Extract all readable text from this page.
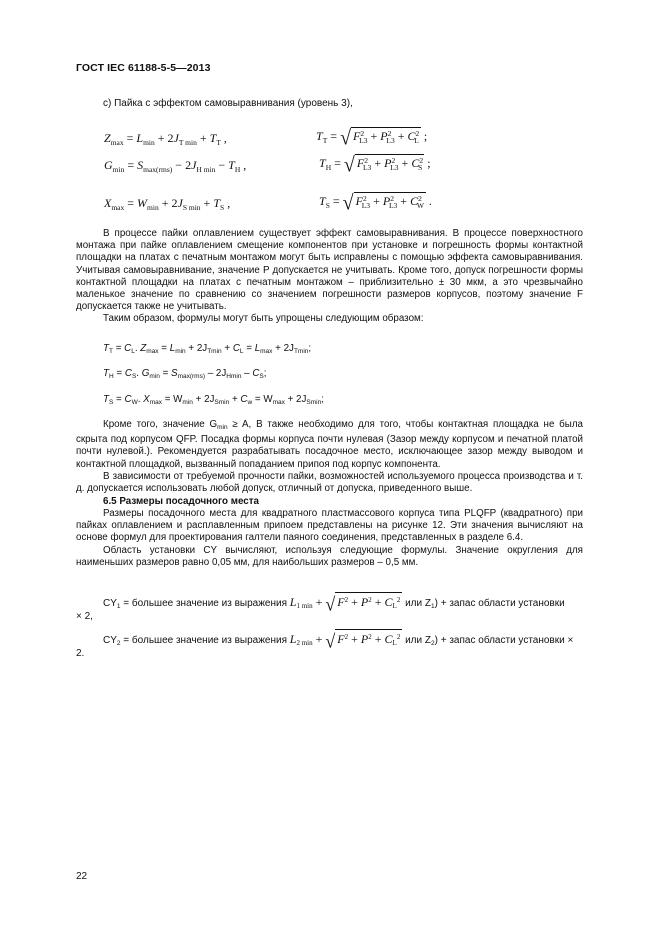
ГОСТ IEC 61188-5-5—2013
с) Пайка с эффектом самовыравнивания (уровень 3),
$Z_{max} = L_{min} + 2J_{T min} + T_T$ ,	$T_T$ = √ $F^2_{L3} + P^2_{L3} + C^2_L$ ;
$G_{min} = S_{max(rms)} - 2J_{H min} - T_H$ ,	$T_H$ = √ $F^2_{L3} + P^2_{L3} + C^2_S$ ;
$X_{max} = W_{min} + 2J_{S min} + T_S$ ,	$T_S$ = √ $F^2_{L3} + P^2_{L3} + C^2_W$ .

В процессе пайки оплавлением существует эффект самовыравнивания. В процессе поверхностного монтажа при пайке оплавлением смещение компонентов при установке и погрешность формы контактной площадки на платах с печатным монтажом могут быть исправлены с помощью эффекта самовыравнивания. Учитывая самовыравнивание, значение P допускается не учитывать. Кроме того, допуск погрешности формы контактной площадки на платах с печатным монтажом – приблизительно ± 30 мкм, а это чрезвычайно маленькое значение по сравнению со значением погрешности размеров корпусов, поэтому значение F допускается также не учитывать.

Таким образом, формулы могут быть упрощены следующим образом:

$T_T = C_L$. $Z_{max} = L_{min} + 2J_{Tmin} + C_L = L_{max} + 2J_{Tmin}$;
$T_H = C_S$. $G_{min} = S_{max(rms)} - 2J_{Hmin} - C_S$;
$T_S = C_W$. $X_{max} = W_{min} + 2J_{Smin} + C_w = W_{max} + 2J_{Smin}$;

Кроме того, значение $G_{min} \ge A$, В также необходимо для того, чтобы контактная площадка не была скрыта под корпусом QFP. Посадка формы корпуса почти нулевая (Зазор между корпусом и печатной платой почти нулевой.). Рекомендуется разрабатывать посадочное место, исключающее зазор между выводом и контактной площадкой, вызванный попаданием припоя под корпус компонента.

В зависимости от требуемой прочности пайки, возможностей используемого процесса производства и т. д. допускается использовать любой допуск, отличный от допуска, приведенного выше.

6.5 Размеры посадочного места

Размеры посадочного места для квадратного пластмассового корпуса типа PLQFP (квадратного) при пайках оплавлением и расплавленным припоем представлены на рисунке 12. Эти значения вычисляют на основе формул для проектирования галтели паяного соединения, представленных в разделе 6.4.

Область установки CY вычисляют, используя следующие формулы. Значение округления для наименьших размеров равно 0,05 мм, для наибольших размеров – 0,5 мм.

$CY_1$ = большее значение из выражения $L_{1 min}$ + √ $F^2 + P^2 + C_L^2$ или $Z_1$) + запас области установки
× 2,
$CY_2$ = большее значение из выражения $L_{2 min}$ + √ $F^2 + P^2 + C_L^2$ или $Z_2$) + запас области установки ×
2.
22
